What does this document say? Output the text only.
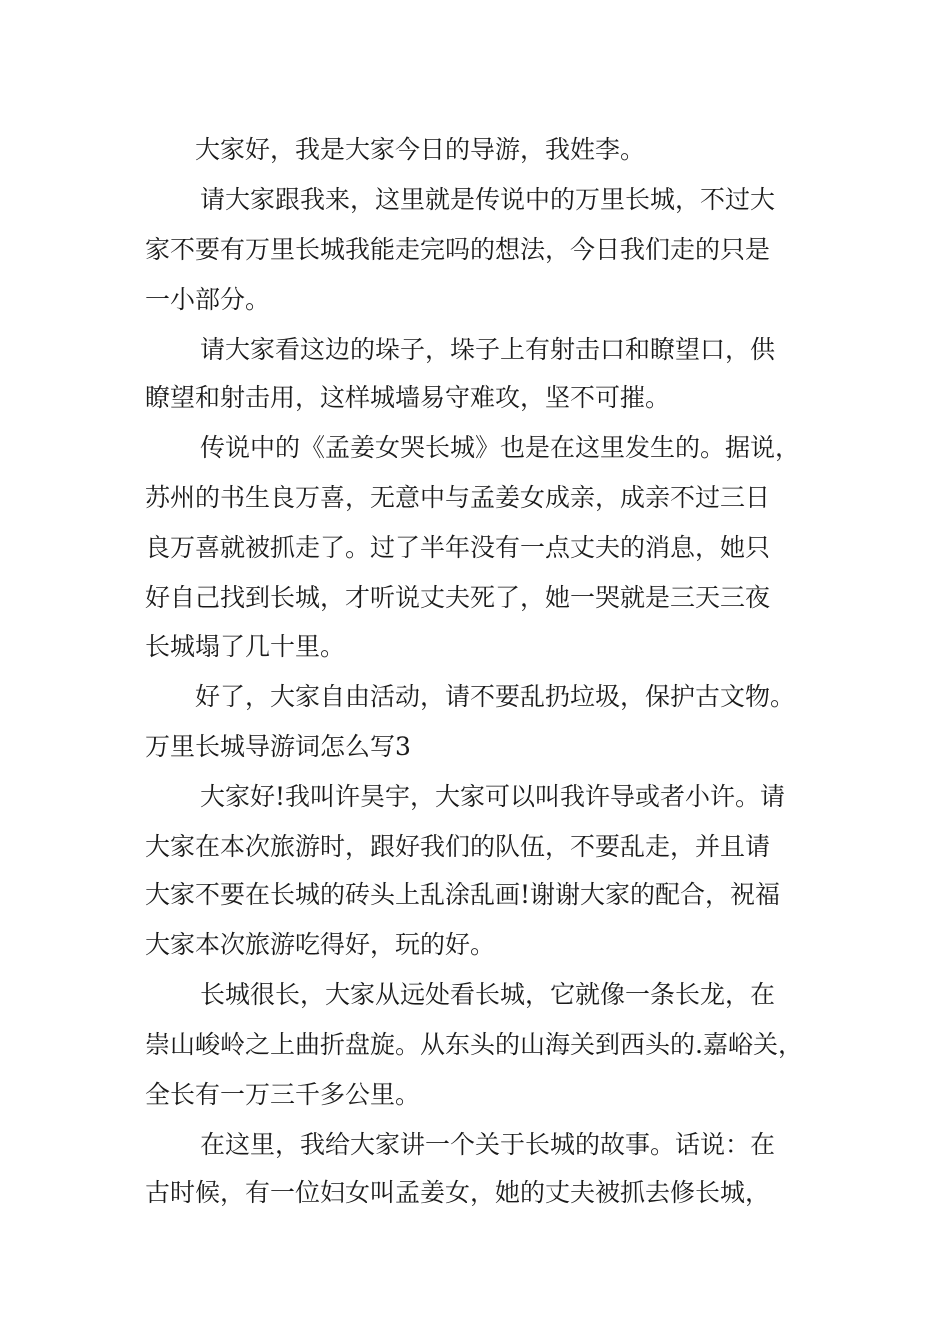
大家好，我是大家今日的导游，我姓李。
请大家跟我来，这里就是传说中的万里长城，不过大
家不要有万里长城我能走完吗的想法，今日我们走的只是
一小部分。
请大家看这边的垛子，垛子上有射击口和瞭望口，供
瞭望和射击用，这样城墙易守难攻，坚不可摧。
传说中的《孟姜女哭长城》也是在这里发生的。据说，
苏州的书生良万喜，无意中与孟姜女成亲，成亲不过三日
良万喜就被抓走了。过了半年没有一点丈夫的消息，她只
好自己找到长城，才听说丈夫死了，她一哭就是三天三夜
长城塌了几十里。
好了，大家自由活动，请不要乱扔垃圾，保护古文物。
万里长城导游词怎么写3
大家好!我叫许昊宇，大家可以叫我许导或者小许。请
大家在本次旅游时，跟好我们的队伍，不要乱走，并且请
大家不要在长城的砖头上乱涂乱画!谢谢大家的配合，祝福
大家本次旅游吃得好，玩的好。
长城很长，大家从远处看长城，它就像一条长龙，在
崇山峻岭之上曲折盘旋。从东头的山海关到西头的.嘉峪关，
全长有一万三千多公里。
在这里，我给大家讲一个关于长城的故事。话说：在
古时候，有一位妇女叫孟姜女，她的丈夫被抓去修长城，
